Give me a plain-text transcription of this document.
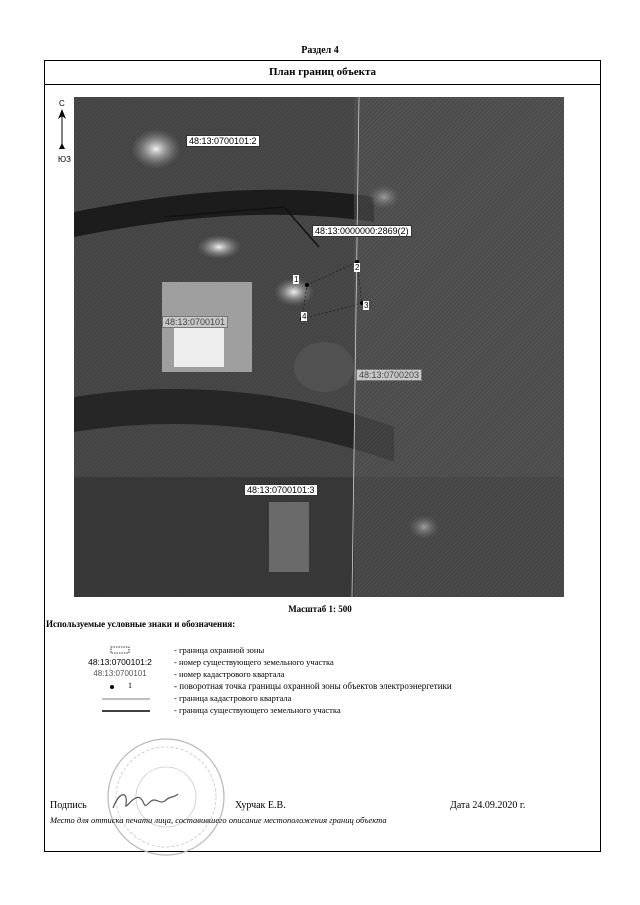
Раздел 4
План границ объекта
С
ЮЗ
48:13:0700101:2
48:13:0000000:2869(2)
48:13:0700101
48:13:0700203
48:13:0700101:3
1
2
3
4
Масштаб 1: 500
Используемые условные знаки и обозначения:
- граница охранной зоны
48:13:0700101:2	- номер существующего земельного участка
48:13:0700101	- номер кадастрового квартала
1	- поворотная точка границы охранной зоны объектов электроэнергетики
- граница кадастрового квартала
- граница существующего земельного участка
Подпись	Хурчак Е.В.	Дата 24.09.2020 г.
Место для оттиска печати лица, составившего описание местоположения границ объекта
